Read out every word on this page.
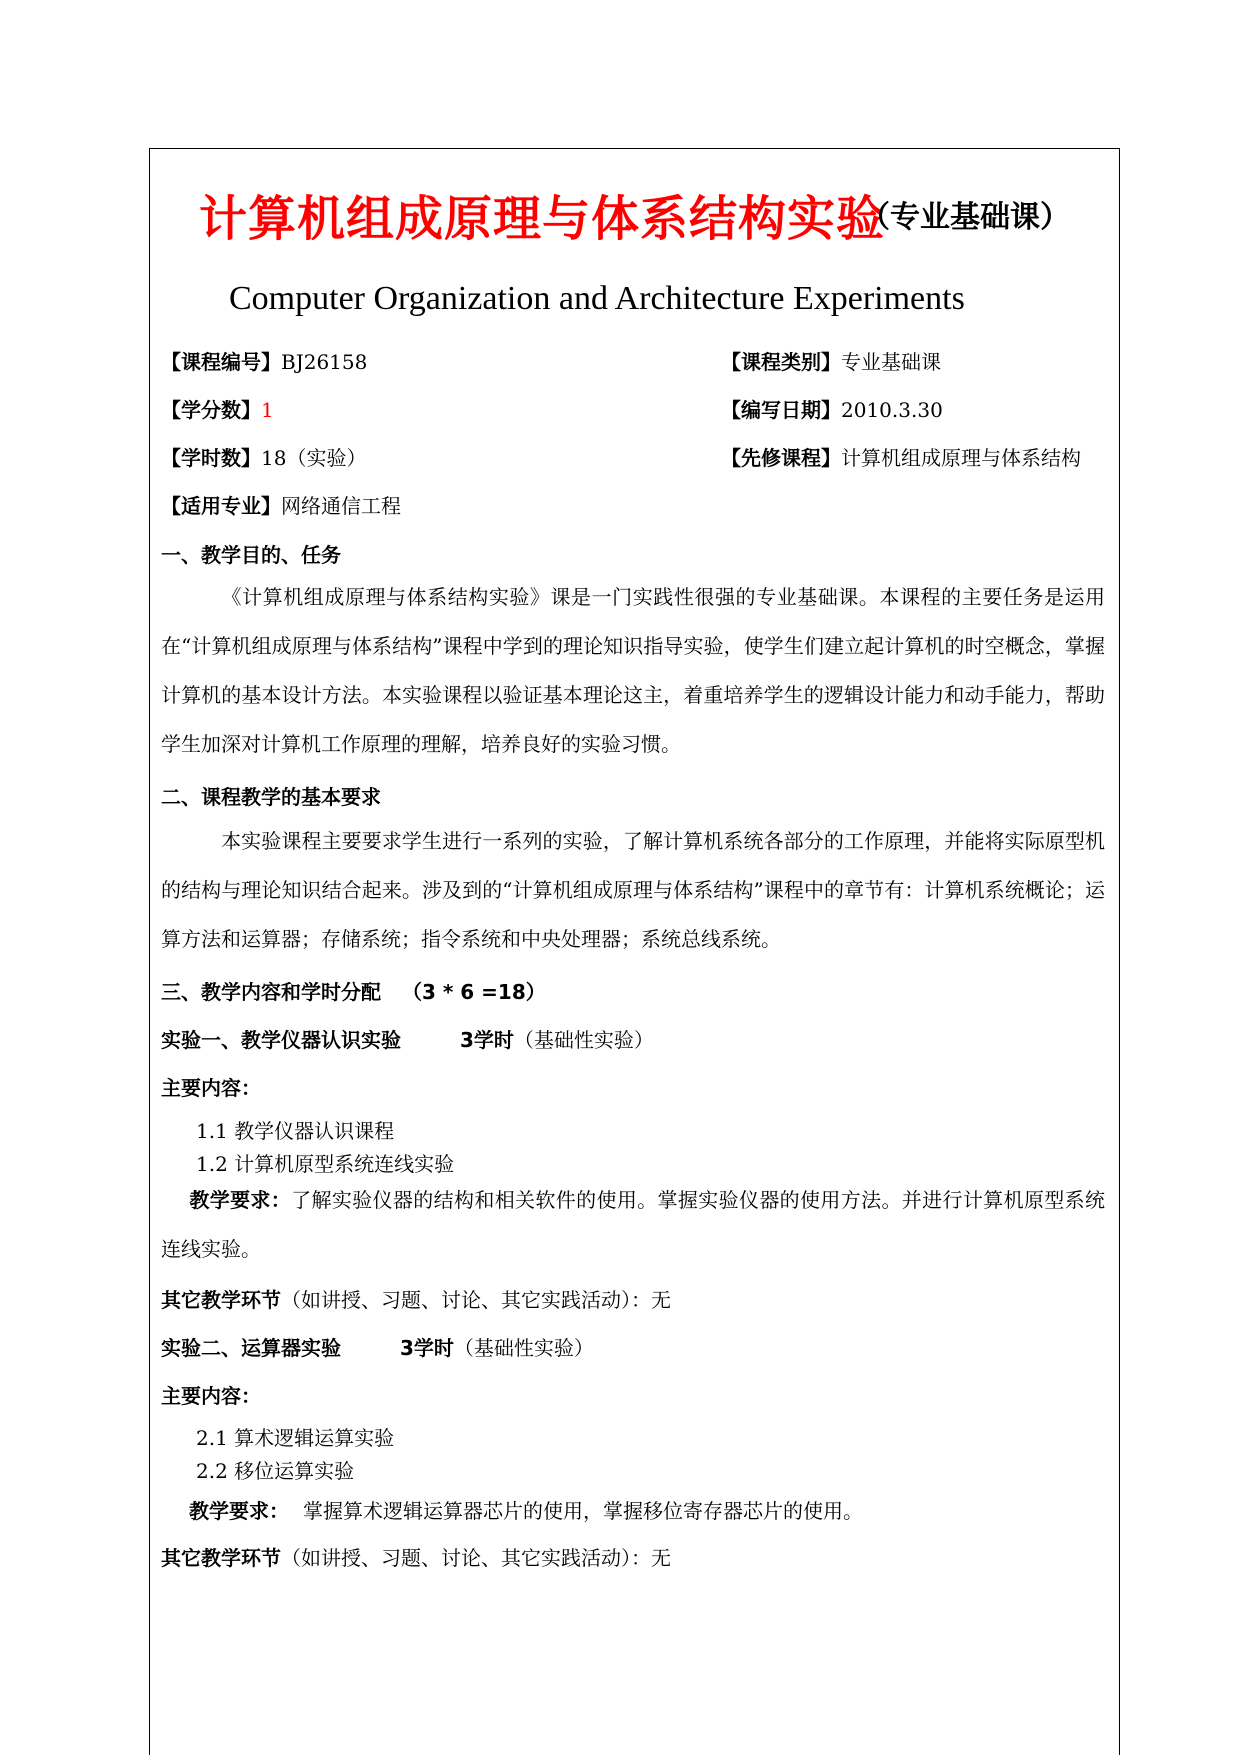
计算机组成原理与体系结构实验
（专业基础课）
Computer Organization and Architecture Experiments
【课程编号】BJ26158	【课程类别】专业基础课
【学分数】1	【编写日期】2010.3.30
【学时数】18（实验）	【先修课程】计算机组成原理与体系结构
【适用专业】网络通信工程
一、教学目的、任务
《计算机组成原理与体系结构实验》课是一门实践性很强的专业基础课。本课程的主要任务是运用在“计算机组成原理与体系结构”课程中学到的理论知识指导实验，使学生们建立起计算机的时空概念，掌握计算机的基本设计方法。本实验课程以验证基本理论这主，着重培养学生的逻辑设计能力和动手能力，帮助学生加深对计算机工作原理的理解，培养良好的实验习惯。
二、课程教学的基本要求
本实验课程主要要求学生进行一系列的实验，了解计算机系统各部分的工作原理，并能将实际原型机的结构与理论知识结合起来。涉及到的“计算机组成原理与体系结构”课程中的章节有：计算机系统概论；运算方法和运算器；存储系统；指令系统和中央处理器；系统总线系统。
三、教学内容和学时分配 （3 * 6 =18）
实验一、教学仪器认识实验	3学时（基础性实验）
主要内容：
1.1 教学仪器认识课程
1.2 计算机原型系统连线实验
教学要求：了解实验仪器的结构和相关软件的使用。掌握实验仪器的使用方法。并进行计算机原型系统连线实验。
其它教学环节（如讲授、习题、讨论、其它实践活动）：无
实验二、运算器实验	3学时（基础性实验）
主要内容：
2.1 算术逻辑运算实验
2.2 移位运算实验
教学要求： 掌握算术逻辑运算器芯片的使用，掌握移位寄存器芯片的使用。
其它教学环节（如讲授、习题、讨论、其它实践活动）：无
